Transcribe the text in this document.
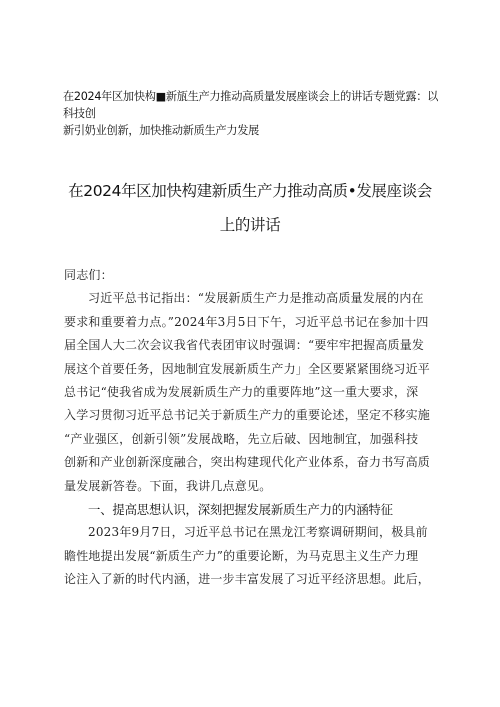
在2024年区加快构■新瓬生产力推动高质量发展座谈会上的讲话专题党露：以科技创
新引奶业创新，加快推动新质生产力发展
在2024年区加快构建新质生产力推动高质•发展座谈会
上的讲话
同志们：
习近平总书记指出：“发展新质生产力是推动高质量发展的内在
要求和重要着力点。”2024年3月5日下午，习近平总书记在参加十四
届全国人大二次会议我省代表团审议时强调：“要牢牢把握高质量发
展这个首要任务，因地制宜发展新质生产力」全区要紧紧围绕习近平
总书记“使我省成为发展新质生产力的重要阵地”这一重大要求，深
入学习贯彻习近平总书记关于新质生产力的重要论述，坚定不移实施
“产业强区，创新引领”发展战略，先立后破、因地制宜，加强科技
创新和产业创新深度融合，突出构建现代化产业体系，奋力书写高质
量发展新答卷。下面，我讲几点意见。
一、提高思想认识，深刻把握发展新质生产力的内涵特征
2023年9月7日，习近平总书记在黑龙江考察调研期间，极具前
瞻性地提出发展“新质生产力”的重要论断，为马克思主义生产力理
论注入了新的时代内涵，进一步丰富发展了习近平经济思想。此后，
